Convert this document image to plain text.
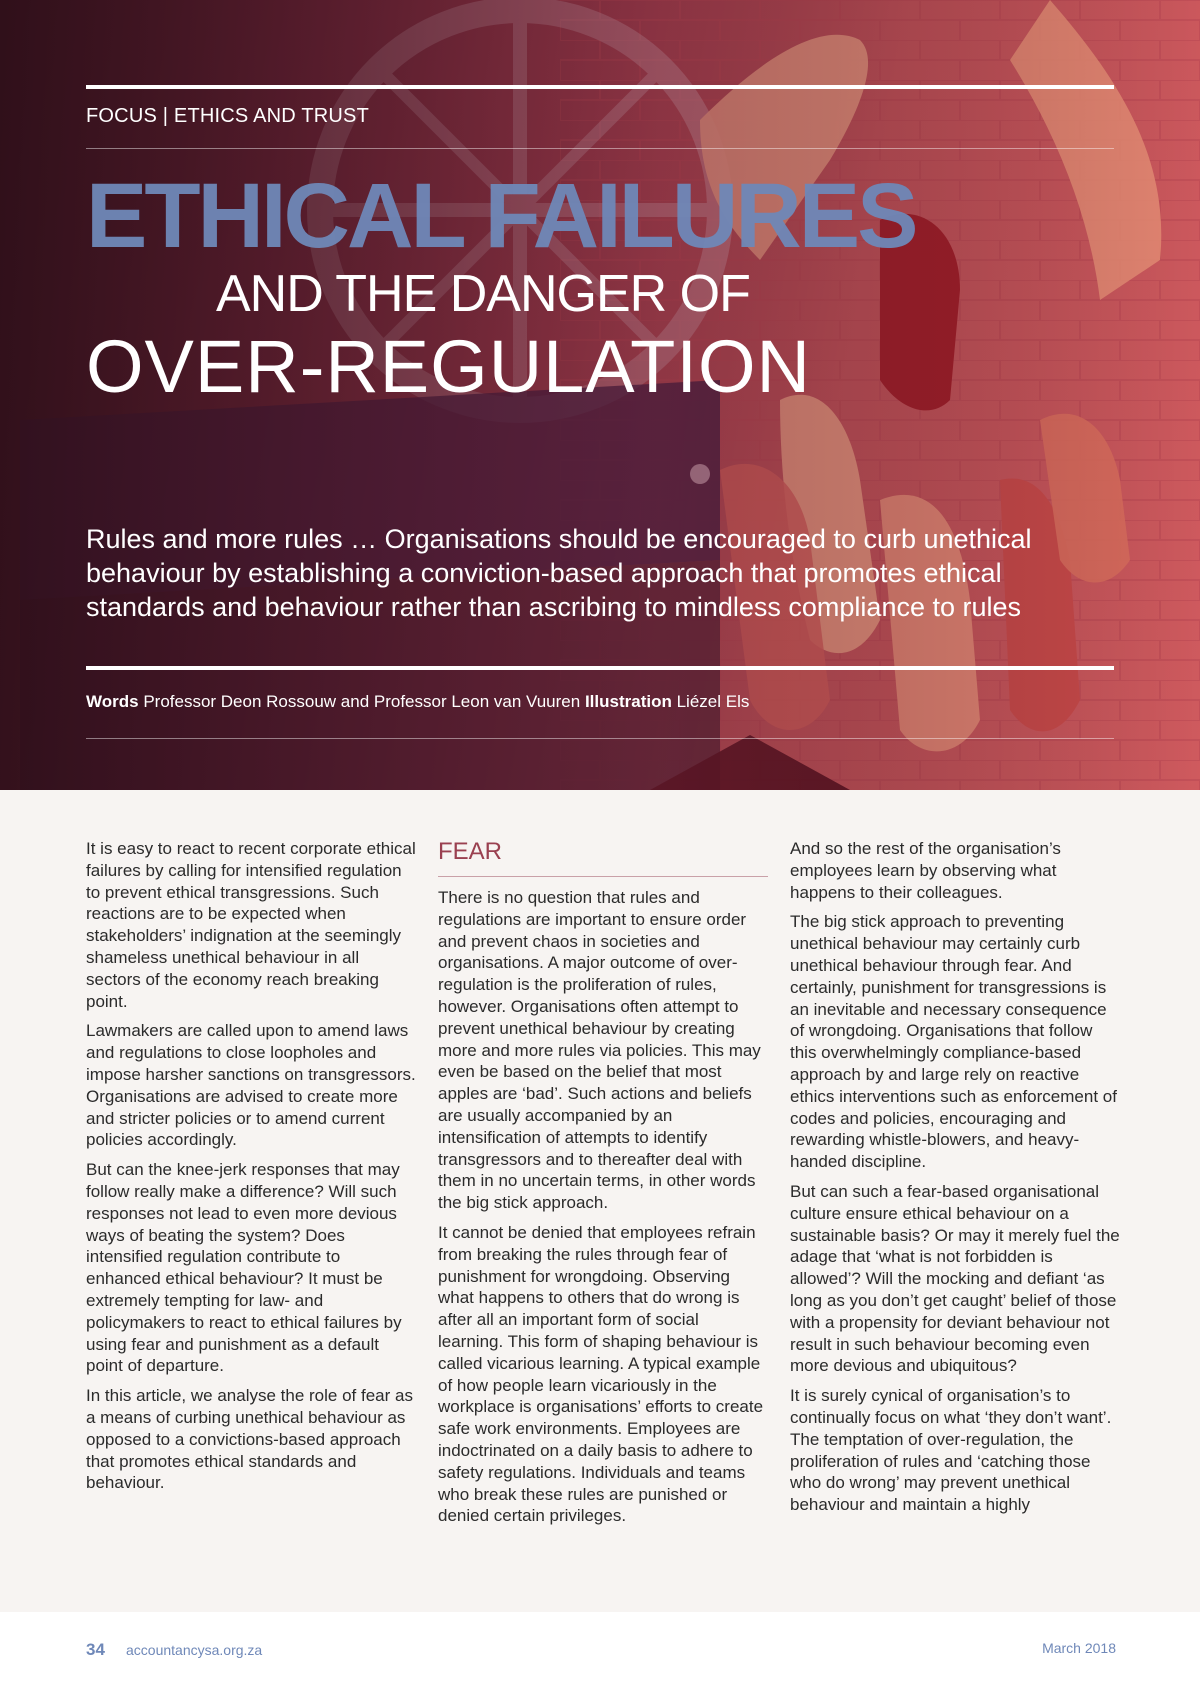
FOCUS | ETHICS AND TRUST
ETHICAL FAILURES
AND THE DANGER OF
OVER-REGULATION
Rules and more rules … Organisations should be encouraged to curb unethical behaviour by establishing a conviction-based approach that promotes ethical standards and behaviour rather than ascribing to mindless compliance to rules
Words Professor Deon Rossouw and Professor Leon van Vuuren Illustration Liézel Els

It is easy to react to recent corporate ethical failures by calling for intensified regulation to prevent ethical transgressions. Such reactions are to be expected when stakeholders’ indignation at the seemingly shameless unethical behaviour in all sectors of the economy reach breaking point.

Lawmakers are called upon to amend laws and regulations to close loopholes and impose harsher sanctions on transgressors. Organisations are advised to create more and stricter policies or to amend current policies accordingly.

But can the knee-jerk responses that may follow really make a difference? Will such responses not lead to even more devious ways of beating the system? Does intensified regulation contribute to enhanced ethical behaviour? It must be extremely tempting for law- and policymakers to react to ethical failures by using fear and punishment as a default point of departure.

In this article, we analyse the role of fear as a means of curbing unethical behaviour as opposed to a convictions-based approach that promotes ethical standards and behaviour.

FEAR

There is no question that rules and regulations are important to ensure order and prevent chaos in societies and organisations. A major outcome of over-regulation is the proliferation of rules, however. Organisations often attempt to prevent unethical behaviour by creating more and more rules via policies. This may even be based on the belief that most apples are ‘bad’. Such actions and beliefs are usually accompanied by an intensification of attempts to identify transgressors and to thereafter deal with them in no uncertain terms, in other words the big stick approach.

It cannot be denied that employees refrain from breaking the rules through fear of punishment for wrongdoing. Observing what happens to others that do wrong is after all an important form of social learning. This form of shaping behaviour is called vicarious learning. A typical example of how people learn vicariously in the workplace is organisations’ efforts to create safe work environments. Employees are indoctrinated on a daily basis to adhere to safety regulations. Individuals and teams who break these rules are punished or denied certain privileges.

And so the rest of the organisation’s employees learn by observing what happens to their colleagues.

The big stick approach to preventing unethical behaviour may certainly curb unethical behaviour through fear. And certainly, punishment for transgressions is an inevitable and necessary consequence of wrongdoing. Organisations that follow this overwhelmingly compliance-based approach by and large rely on reactive ethics interventions such as enforcement of codes and policies, encouraging and rewarding whistle-blowers, and heavy-handed discipline.

But can such a fear-based organisational culture ensure ethical behaviour on a sustainable basis? Or may it merely fuel the adage that ‘what is not forbidden is allowed’? Will the mocking and defiant ‘as long as you don’t get caught’ belief of those with a propensity for deviant behaviour not result in such behaviour becoming even more devious and ubiquitous?

It is surely cynical of organisation’s to continually focus on what ‘they don’t want’. The temptation of over-regulation, the proliferation of rules and ‘catching those who do wrong’ may prevent unethical behaviour and maintain a highly

34 accountancysa.org.za	March 2018
